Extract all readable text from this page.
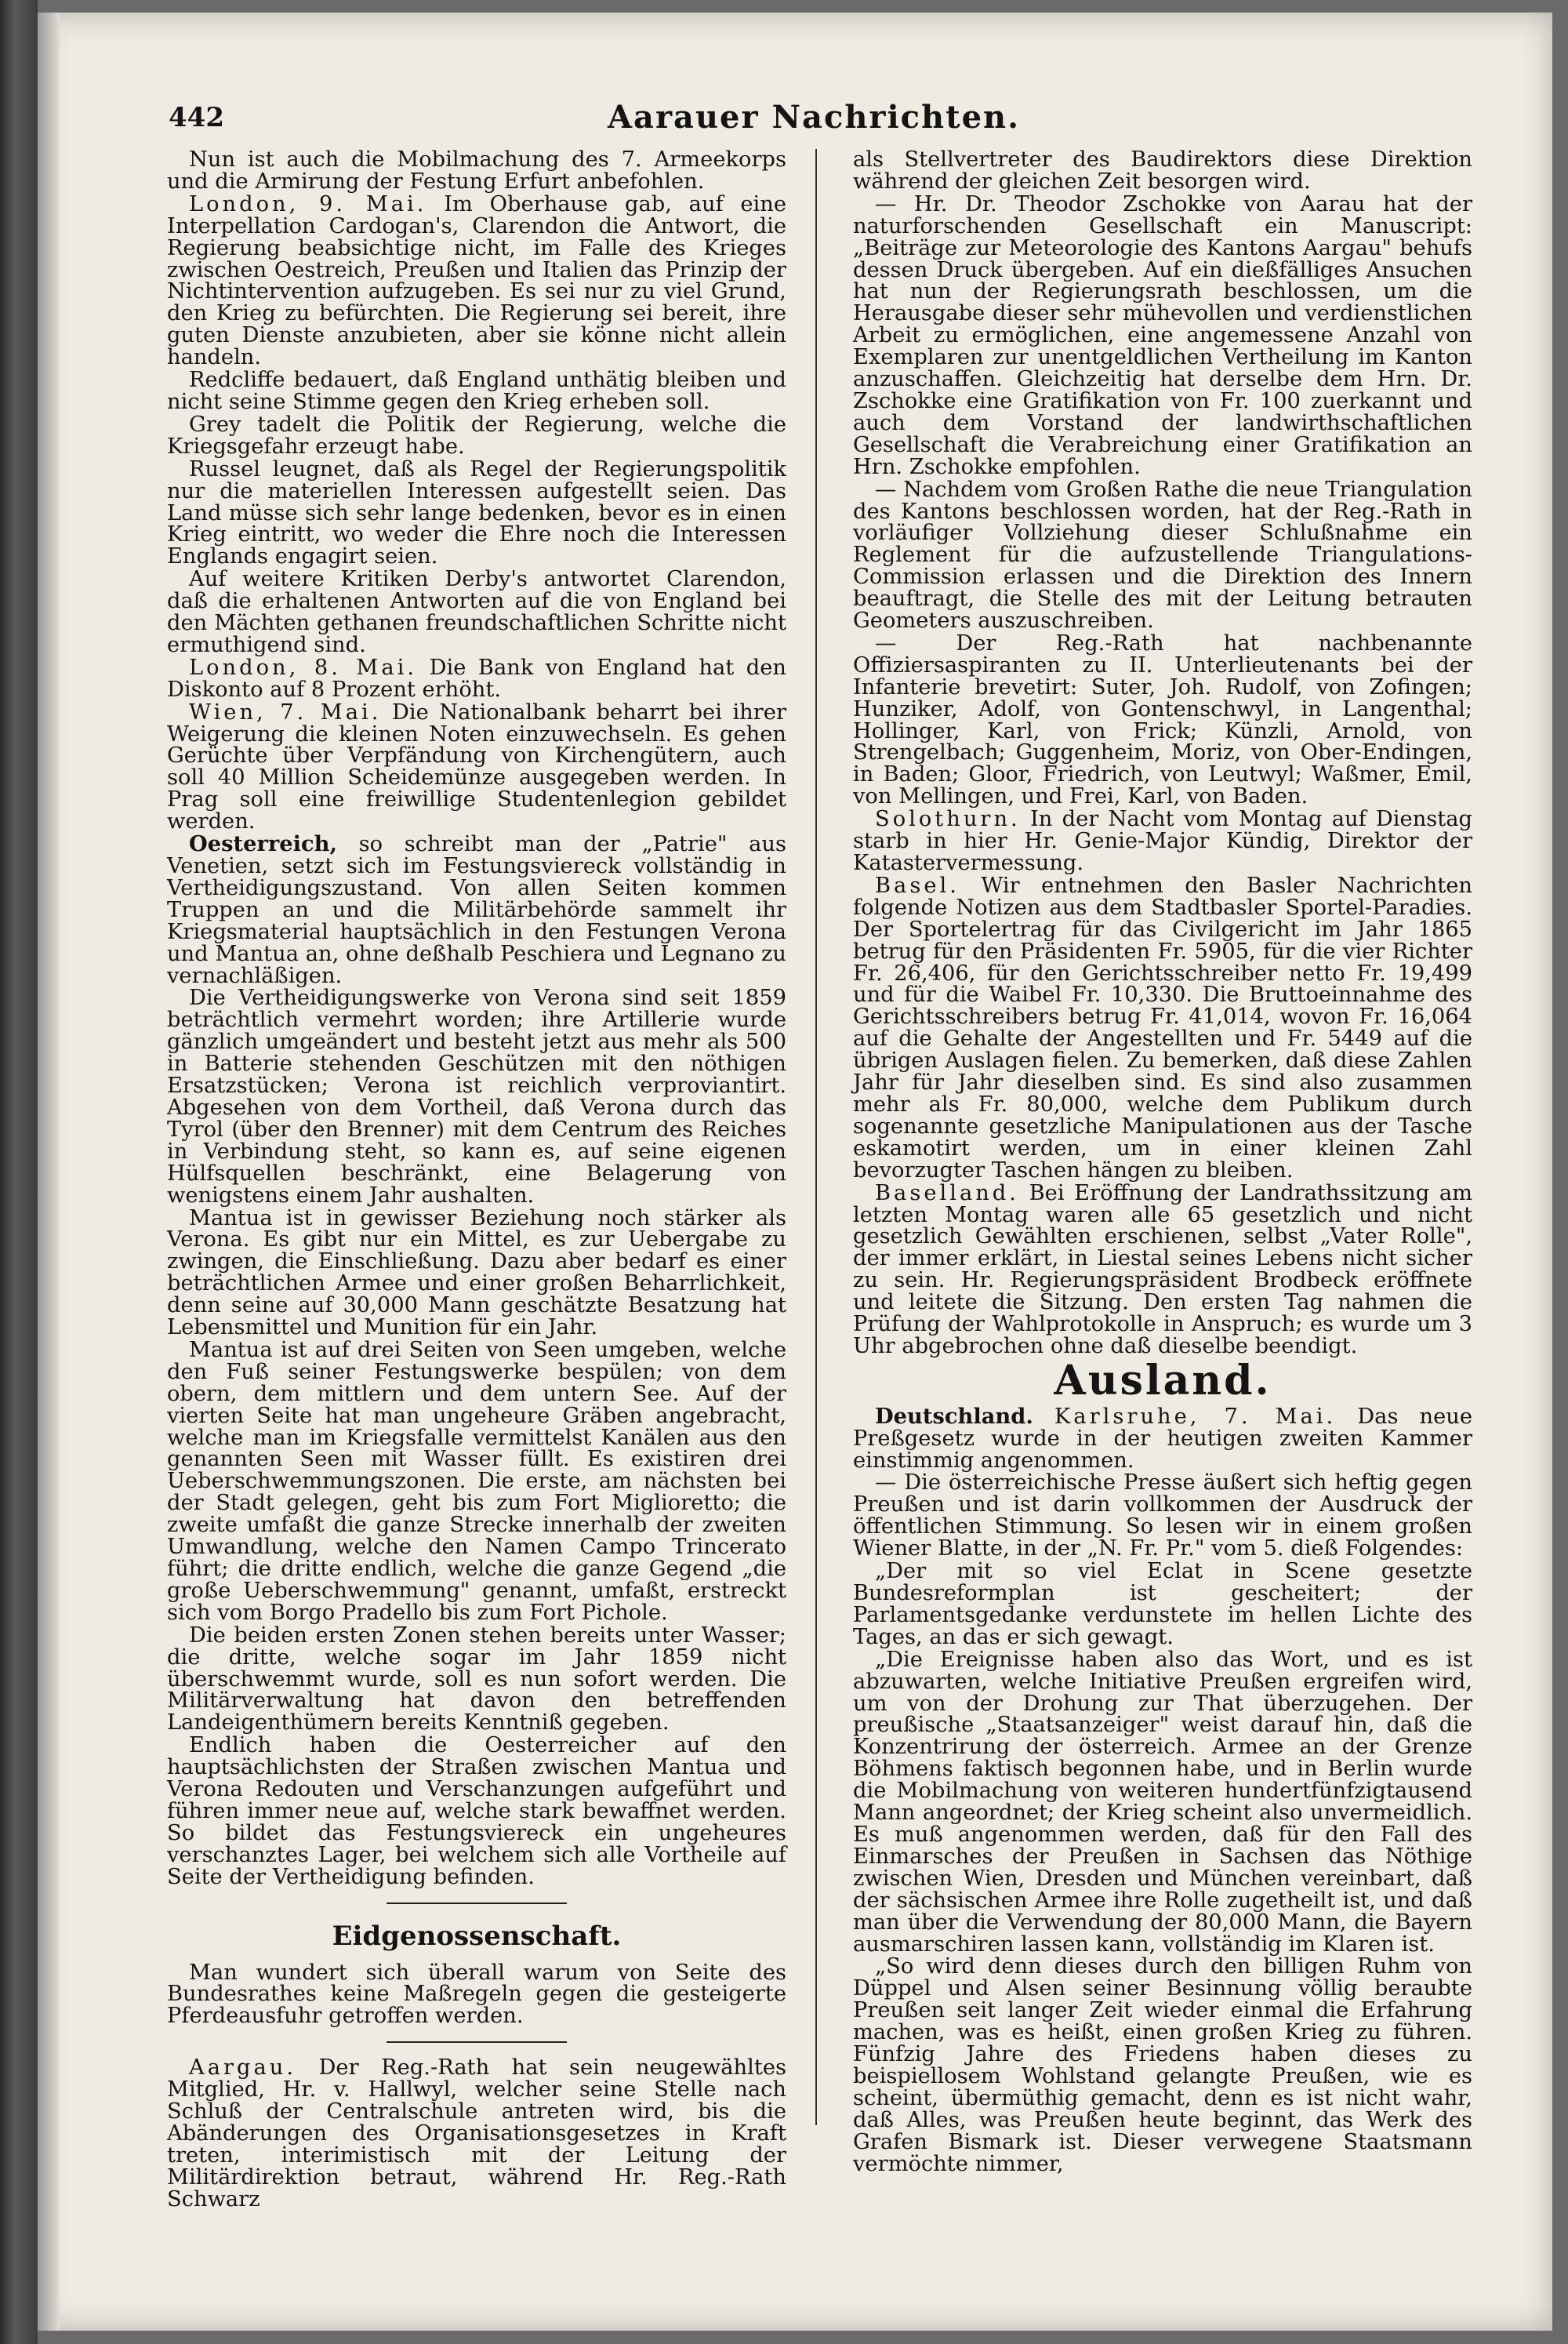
442	Aarauer Nachrichten.

Nun ist auch die Mobilmachung des 7. Armeekorps und die Armirung der Festung Erfurt anbefohlen.

London, 9. Mai. Im Oberhause gab, auf eine Interpellation Cardogan's, Clarendon die Antwort, die Regierung beabsichtige nicht, im Falle des Krieges zwischen Oestreich, Preußen und Italien das Prinzip der Nichtintervention aufzugeben. Es sei nur zu viel Grund, den Krieg zu befürchten. Die Regierung sei bereit, ihre guten Dienste anzubieten, aber sie könne nicht allein handeln.

Redcliffe bedauert, daß England unthätig bleiben und nicht seine Stimme gegen den Krieg erheben soll.

Grey tadelt die Politik der Regierung, welche die Kriegsgefahr erzeugt habe.

Russel leugnet, daß als Regel der Regierungspolitik nur die materiellen Interessen aufgestellt seien. Das Land müsse sich sehr lange bedenken, bevor es in einen Krieg eintritt, wo weder die Ehre noch die Interessen Englands engagirt seien.

Auf weitere Kritiken Derby's antwortet Clarendon, daß die erhaltenen Antworten auf die von England bei den Mächten gethanen freundschaftlichen Schritte nicht ermuthigend sind.

London, 8. Mai. Die Bank von England hat den Diskonto auf 8 Prozent erhöht.

Wien, 7. Mai. Die Nationalbank beharrt bei ihrer Weigerung die kleinen Noten einzuwechseln. Es gehen Gerüchte über Verpfändung von Kirchengütern, auch soll 40 Million Scheidemünze ausgegeben werden. In Prag soll eine freiwillige Studentenlegion gebildet werden.

Oesterreich, so schreibt man der „Patrie" aus Venetien, setzt sich im Festungsviereck vollständig in Vertheidigungszustand. Von allen Seiten kommen Truppen an und die Militärbehörde sammelt ihr Kriegsmaterial hauptsächlich in den Festungen Verona und Mantua an, ohne deßhalb Peschiera und Legnano zu vernachläßigen.

Die Vertheidigungswerke von Verona sind seit 1859 beträchtlich vermehrt worden; ihre Artillerie wurde gänzlich umgeändert und besteht jetzt aus mehr als 500 in Batterie stehenden Geschützen mit den nöthigen Ersatzstücken; Verona ist reichlich verproviantirt. Abgesehen von dem Vortheil, daß Verona durch das Tyrol (über den Brenner) mit dem Centrum des Reiches in Verbindung steht, so kann es, auf seine eigenen Hülfsquellen beschränkt, eine Belagerung von wenigstens einem Jahr aushalten.

Mantua ist in gewisser Beziehung noch stärker als Verona. Es gibt nur ein Mittel, es zur Uebergabe zu zwingen, die Einschließung. Dazu aber bedarf es einer beträchtlichen Armee und einer großen Beharrlichkeit, denn seine auf 30,000 Mann geschätzte Besatzung hat Lebensmittel und Munition für ein Jahr.

Mantua ist auf drei Seiten von Seen umgeben, welche den Fuß seiner Festungswerke bespülen; von dem obern, dem mittlern und dem untern See. Auf der vierten Seite hat man ungeheure Gräben angebracht, welche man im Kriegsfalle vermittelst Kanälen aus den genannten Seen mit Wasser füllt. Es existiren drei Ueberschwemmungszonen. Die erste, am nächsten bei der Stadt gelegen, geht bis zum Fort Miglioretto; die zweite umfaßt die ganze Strecke innerhalb der zweiten Umwandlung, welche den Namen Campo Trincerato führt; die dritte endlich, welche die ganze Gegend „die große Ueberschwemmung" genannt, umfaßt, erstreckt sich vom Borgo Pradello bis zum Fort Pichole.

Die beiden ersten Zonen stehen bereits unter Wasser; die dritte, welche sogar im Jahr 1859 nicht überschwemmt wurde, soll es nun sofort werden. Die Militärverwaltung hat davon den betreffenden Landeigenthümern bereits Kenntniß gegeben.

Endlich haben die Oesterreicher auf den hauptsächlichsten der Straßen zwischen Mantua und Verona Redouten und Verschanzungen aufgeführt und führen immer neue auf, welche stark bewaffnet werden. So bildet das Festungsviereck ein ungeheures verschanztes Lager, bei welchem sich alle Vortheile auf Seite der Vertheidigung befinden.

Eidgenossenschaft.

Man wundert sich überall warum von Seite des Bundesrathes keine Maßregeln gegen die gesteigerte Pferdeausfuhr getroffen werden.

Aargau. Der Reg.-Rath hat sein neugewähltes Mitglied, Hr. v. Hallwyl, welcher seine Stelle nach Schluß der Centralschule antreten wird, bis die Abänderungen des Organisationsgesetzes in Kraft treten, interimistisch mit der Leitung der Militärdirektion betraut, während Hr. Reg.-Rath Schwarz

als Stellvertreter des Baudirektors diese Direktion während der gleichen Zeit besorgen wird.

— Hr. Dr. Theodor Zschokke von Aarau hat der naturforschenden Gesellschaft ein Manuscript: „Beiträge zur Meteorologie des Kantons Aargau" behufs dessen Druck übergeben. Auf ein dießfälliges Ansuchen hat nun der Regierungsrath beschlossen, um die Herausgabe dieser sehr mühevollen und verdienstlichen Arbeit zu ermöglichen, eine angemessene Anzahl von Exemplaren zur unentgeldlichen Vertheilung im Kanton anzuschaffen. Gleichzeitig hat derselbe dem Hrn. Dr. Zschokke eine Gratifikation von Fr. 100 zuerkannt und auch dem Vorstand der landwirthschaftlichen Gesellschaft die Verabreichung einer Gratifikation an Hrn. Zschokke empfohlen.

— Nachdem vom Großen Rathe die neue Triangulation des Kantons beschlossen worden, hat der Reg.-Rath in vorläufiger Vollziehung dieser Schlußnahme ein Reglement für die aufzustellende Triangulations-Commission erlassen und die Direktion des Innern beauftragt, die Stelle des mit der Leitung betrauten Geometers auszuschreiben.

— Der Reg.-Rath hat nachbenannte Offiziersaspiranten zu II. Unterlieutenants bei der Infanterie brevetirt: Suter, Joh. Rudolf, von Zofingen; Hunziker, Adolf, von Gontenschwyl, in Langenthal; Hollinger, Karl, von Frick; Künzli, Arnold, von Strengelbach; Guggenheim, Moriz, von Ober-Endingen, in Baden; Gloor, Friedrich, von Leutwyl; Waßmer, Emil, von Mellingen, und Frei, Karl, von Baden.

Solothurn. In der Nacht vom Montag auf Dienstag starb in hier Hr. Genie-Major Kündig, Direktor der Katastervermessung.

Basel. Wir entnehmen den Basler Nachrichten folgende Notizen aus dem Stadtbasler Sportel-Paradies. Der Sportelertrag für das Civilgericht im Jahr 1865 betrug für den Präsidenten Fr. 5905, für die vier Richter Fr. 26,406, für den Gerichtsschreiber netto Fr. 19,499 und für die Waibel Fr. 10,330. Die Bruttoeinnahme des Gerichtsschreibers betrug Fr. 41,014, wovon Fr. 16,064 auf die Gehalte der Angestellten und Fr. 5449 auf die übrigen Auslagen fielen. Zu bemerken, daß diese Zahlen Jahr für Jahr dieselben sind. Es sind also zusammen mehr als Fr. 80,000, welche dem Publikum durch sogenannte gesetzliche Manipulationen aus der Tasche eskamotirt werden, um in einer kleinen Zahl bevorzugter Taschen hängen zu bleiben.

Baselland. Bei Eröffnung der Landrathssitzung am letzten Montag waren alle 65 gesetzlich und nicht gesetzlich Gewählten erschienen, selbst „Vater Rolle", der immer erklärt, in Liestal seines Lebens nicht sicher zu sein. Hr. Regierungspräsident Brodbeck eröffnete und leitete die Sitzung. Den ersten Tag nahmen die Prüfung der Wahlprotokolle in Anspruch; es wurde um 3 Uhr abgebrochen ohne daß dieselbe beendigt.

Ausland.

Deutschland. Karlsruhe, 7. Mai. Das neue Preßgesetz wurde in der heutigen zweiten Kammer einstimmig angenommen.

— Die österreichische Presse äußert sich heftig gegen Preußen und ist darin vollkommen der Ausdruck der öffentlichen Stimmung. So lesen wir in einem großen Wiener Blatte, in der „N. Fr. Pr." vom 5. dieß Folgendes:

„Der mit so viel Eclat in Scene gesetzte Bundesreformplan ist gescheitert; der Parlamentsgedanke verdunstete im hellen Lichte des Tages, an das er sich gewagt.

„Die Ereignisse haben also das Wort, und es ist abzuwarten, welche Initiative Preußen ergreifen wird, um von der Drohung zur That überzugehen. Der preußische „Staatsanzeiger" weist darauf hin, daß die Konzentrirung der österreich. Armee an der Grenze Böhmens faktisch begonnen habe, und in Berlin wurde die Mobilmachung von weiteren hundertfünfzigtausend Mann angeordnet; der Krieg scheint also unvermeidlich. Es muß angenommen werden, daß für den Fall des Einmarsches der Preußen in Sachsen das Nöthige zwischen Wien, Dresden und München vereinbart, daß der sächsischen Armee ihre Rolle zugetheilt ist, und daß man über die Verwendung der 80,000 Mann, die Bayern ausmarschiren lassen kann, vollständig im Klaren ist.

„So wird denn dieses durch den billigen Ruhm von Düppel und Alsen seiner Besinnung völlig beraubte Preußen seit langer Zeit wieder einmal die Erfahrung machen, was es heißt, einen großen Krieg zu führen. Fünfzig Jahre des Friedens haben dieses zu beispiellosem Wohlstand gelangte Preußen, wie es scheint, übermüthig gemacht, denn es ist nicht wahr, daß Alles, was Preußen heute beginnt, das Werk des Grafen Bismark ist. Dieser verwegene Staatsmann vermöchte nimmer,
